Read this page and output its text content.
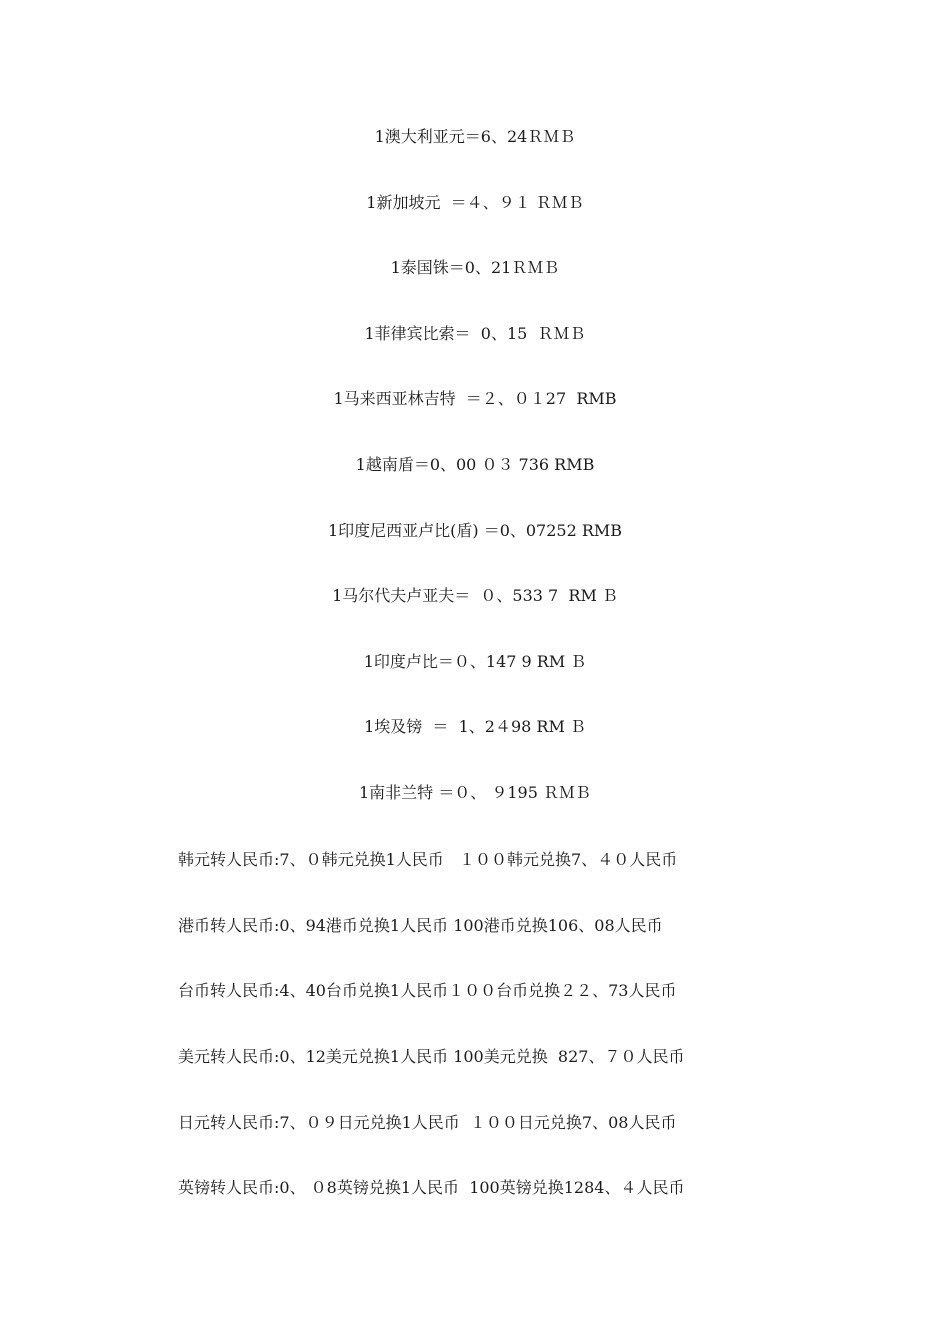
1澳大利亚元＝6、24ＲＭＢ
1新加坡元  ＝４、９１ ＲＭＢ
1泰国铢＝0、21ＲＭＢ
1菲律宾比索＝  0、15  ＲＭＢ
1马来西亚林吉特  ＝２、０１27  RMB
1越南盾＝0、00 ０３ 736 RMB
1印度尼西亚卢比(盾) ＝0、07252 RMB
1马尔代夫卢亚夫＝  ０、533 7  RM Ｂ
1印度卢比＝０、147 9 RM Ｂ
1埃及镑  ＝  1、2４98 RM Ｂ
1南非兰特 ＝０、 ９195 ＲＭＢ
韩元转人民币:7、０韩元兑换1人民币   １００韩元兑换7、４０人民币
港币转人民币:0、94港币兑换1人民币 100港币兑换106、08人民币
台币转人民币:4、40台币兑换1人民币１００台币兑换２２、73人民币
美元转人民币:0、12美元兑换1人民币 100美元兑换  827、７０人民币
日元转人民币:7、０９日元兑换1人民币  １００日元兑换7、08人民币
英镑转人民币:0、 ０8英镑兑换1人民币  100英镑兑换1284、４人民币
